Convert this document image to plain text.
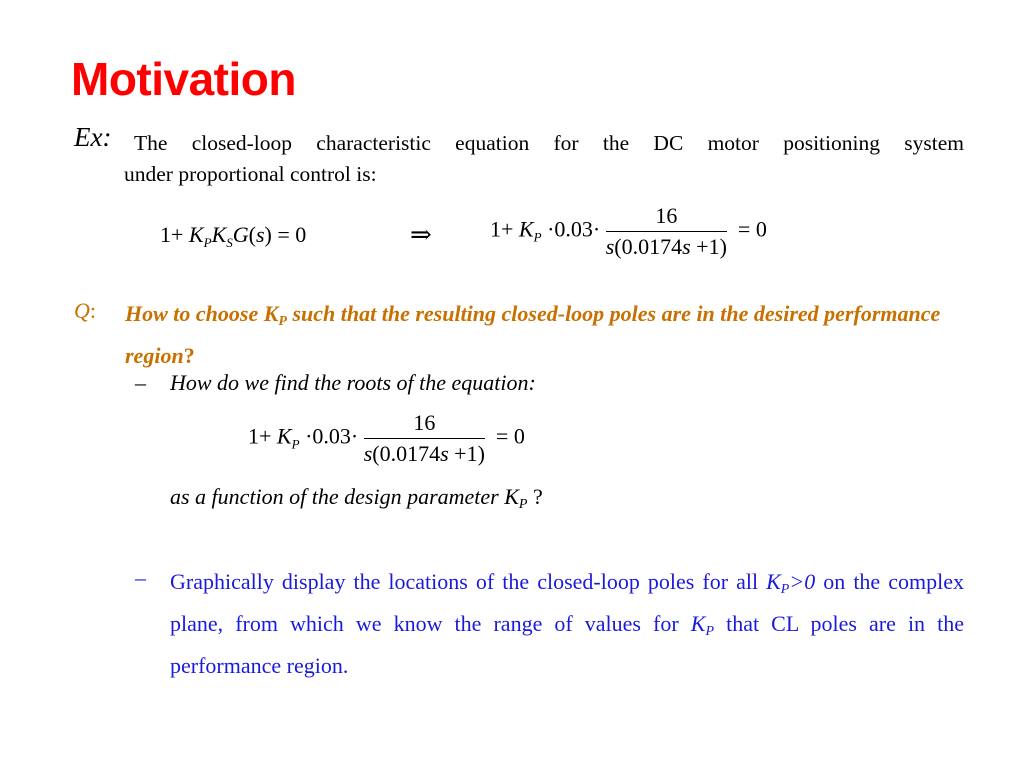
Motivation
Ex: The closed-loop characteristic equation for the DC motor positioning system
under proportional control is:
$1+ K_PK_SG(s) = 0$	⇒	$1+ K_P \cdot 0.03\cdot \frac{16}{s(0.0174s +1)} = 0$
Q: How to choose $K_P$ such that the resulting closed-loop poles are in the desired performance region?
– How do we find the roots of the equation:
$1+ K_P \cdot 0.03\cdot \frac{16}{s(0.0174s +1)} = 0$
as a function of the design parameter $K_P$ ?
– Graphically display the locations of the closed-loop poles for all $K_P>0$ on the complex plane, from which we know the range of values for $K_P$ that CL poles are in the performance region.
